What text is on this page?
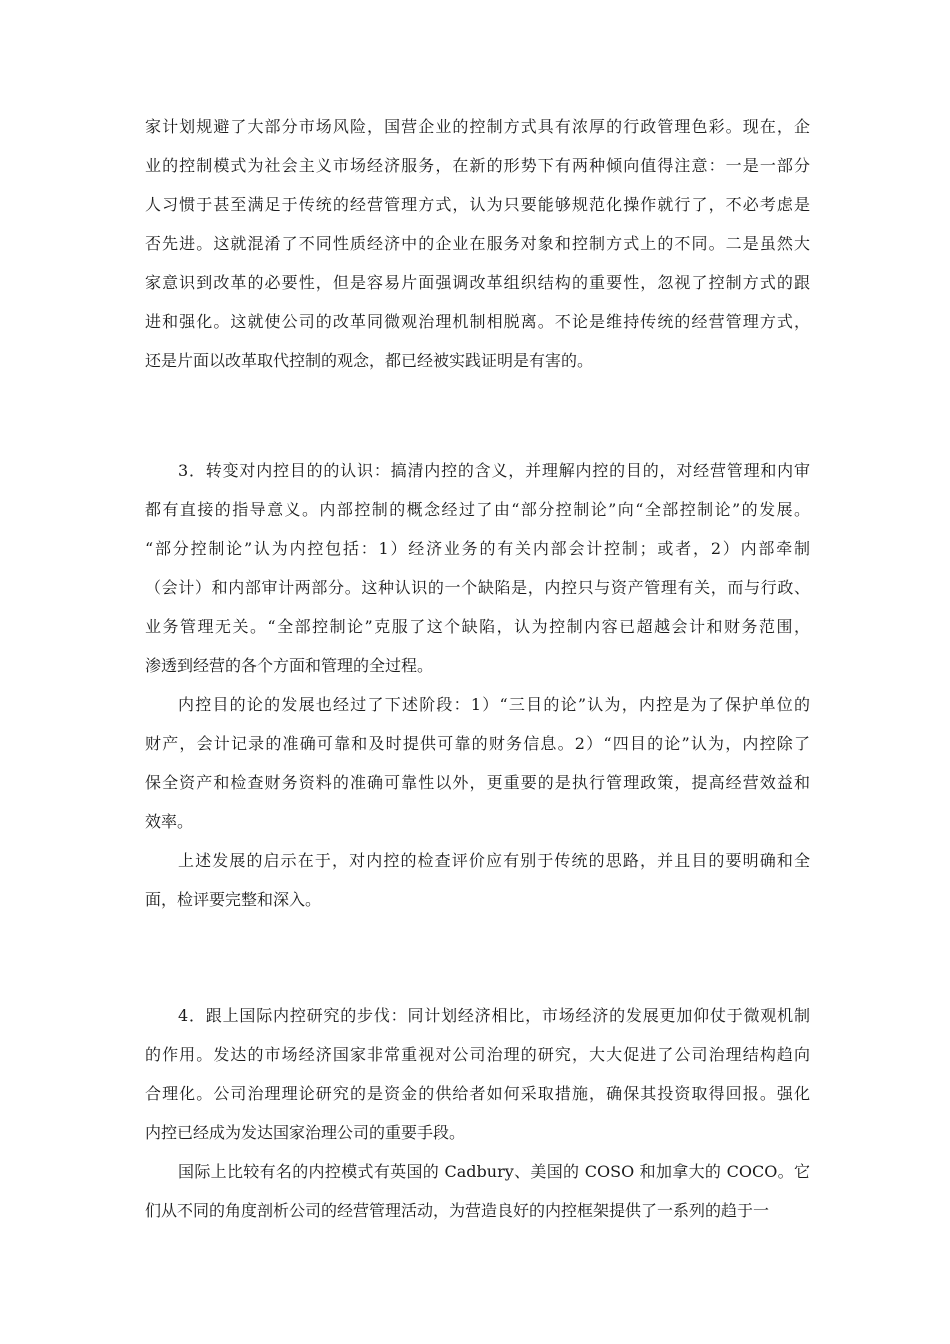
家计划规避了大部分市场风险，国营企业的控制方式具有浓厚的行政管理色彩。现在，企
业的控制模式为社会主义市场经济服务，在新的形势下有两种倾向值得注意：一是一部分
人习惯于甚至满足于传统的经营管理方式，认为只要能够规范化操作就行了，不必考虑是
否先进。这就混淆了不同性质经济中的企业在服务对象和控制方式上的不同。二是虽然大
家意识到改革的必要性，但是容易片面强调改革组织结构的重要性，忽视了控制方式的跟
进和强化。这就使公司的改革同微观治理机制相脱离。不论是维持传统的经营管理方式，
还是片面以改革取代控制的观念，都已经被实践证明是有害的。
3．转变对内控目的的认识：搞清内控的含义，并理解内控的目的，对经营管理和内审
都有直接的指导意义。内部控制的概念经过了由“部分控制论”向“全部控制论”的发展。
“部分控制论”认为内控包括：1）经济业务的有关内部会计控制；或者，2）内部牵制
（会计）和内部审计两部分。这种认识的一个缺陷是，内控只与资产管理有关，而与行政、
业务管理无关。“全部控制论”克服了这个缺陷，认为控制内容已超越会计和财务范围，
渗透到经营的各个方面和管理的全过程。
内控目的论的发展也经过了下述阶段：1）“三目的论”认为，内控是为了保护单位的
财产，会计记录的准确可靠和及时提供可靠的财务信息。2）“四目的论”认为，内控除了
保全资产和检查财务资料的准确可靠性以外，更重要的是执行管理政策，提高经营效益和
效率。
上述发展的启示在于，对内控的检查评价应有别于传统的思路，并且目的要明确和全
面，检评要完整和深入。
4．跟上国际内控研究的步伐：同计划经济相比，市场经济的发展更加仰仗于微观机制
的作用。发达的市场经济国家非常重视对公司治理的研究，大大促进了公司治理结构趋向
合理化。公司治理理论研究的是资金的供给者如何采取措施，确保其投资取得回报。强化
内控已经成为发达国家治理公司的重要手段。
国际上比较有名的内控模式有英国的 Cadbury、美国的 COSO 和加拿大的 COCO。它
们从不同的角度剖析公司的经营管理活动，为营造良好的内控框架提供了一系列的趋于一
